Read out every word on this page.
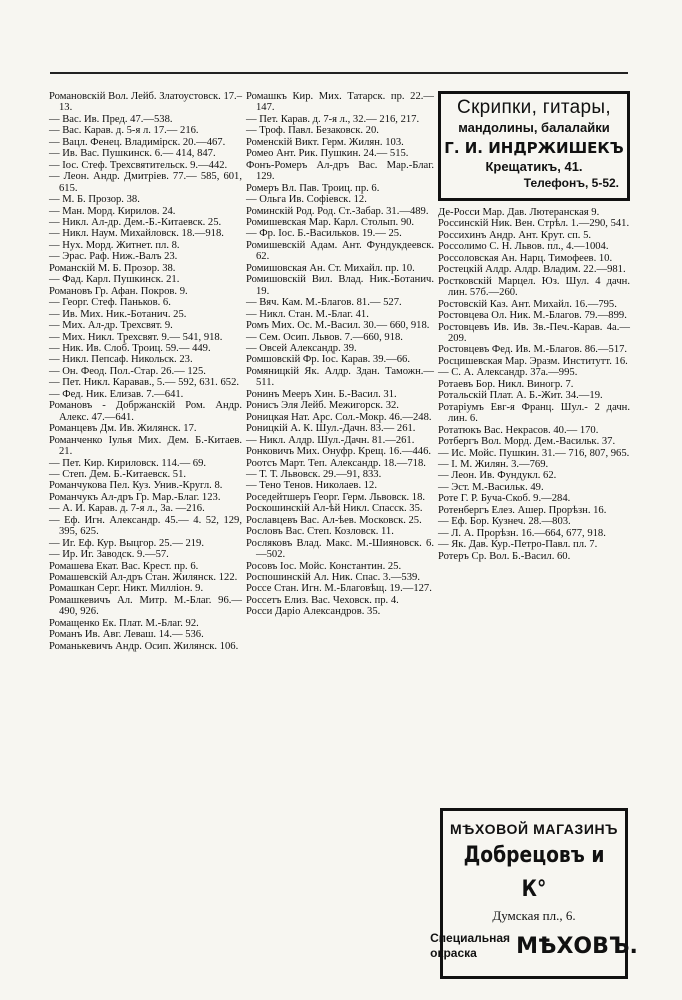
Романовскій Вол. Лейб. Златоустовск. 17.–13.

— Вас. Ив. Пред. 47.—538.

— Вас. Карав. д. 5-я л. 17.— 216.

— Вацл. Фенец. Владимірск. 20.—467.

— Ив. Вас. Пушкинск. 6.— 414, 847.

— Іос. Стеф. Трехсвятительск. 9.—442.

— Леон. Андр. Дмитріев. 77.— 585, 601, 615.

— М. Б. Прозор. 38.

— Ман. Морд. Кирилов. 24.

— Никл. Ал-др. Дем.-Б.-Китаевск. 25.

— Никл. Наум. Михайловск. 18.—918.

— Нух. Морд. Житнет. пл. 8.

— Эрас. Раф. Ниж.-Валъ 23.

Романскій М. Б. Прозор. 38.

— Фад. Карл. Пушкинск. 21.

Романовъ Гр. Афан. Покров. 9.

— Георг. Стеф. Паньков. 6.

— Ив. Мих. Ник.-Ботанич. 25.

— Мих. Ал-др. Трехсвят. 9.

— Мих. Никл. Трехсвят. 9.— 541, 918.

— Ник. Ив. Слоб. Троиц. 59.— 449.

— Никл. Пепсаф. Никольск. 23.

— Он. Феод. Пол.-Стар. 26.— 125.

— Пет. Никл. Каравав., 5.— 592, 631. 652.

— Фед. Ник. Елизав. 7.—641.

Романовъ - Добржанскій Ром. Андр. Алекс. 47.—641.

Романцевъ Дм. Ив. Жилянск. 17.

Романченко Іулья Мих. Дем. Б.-Китаев. 21.

— Пет. Кир. Кириловск. 114.— 69.

— Степ. Дем. Б.-Китаевск. 51.

Романчукова Пел. Куз. Унив.-Кругл. 8.

Романчукъ Ал-дръ Гр. Мар.-Благ. 123.

— А. И. Карав. д. 7-я л., 3а. —216.

— Еф. Игн. Александр. 45.— 4. 52, 129, 395, 625.

— Иг. Еф. Кур. Выцгор. 25.— 219.

— Ир. Иг. Заводск. 9.—57.

Ромашева Екат. Вас. Крест. пр. 6.

Ромашевскій Ал-дръ Стан. Жилянск. 122.

Ромашкан Серг. Никт. Милліон. 9.

Ромашкевичъ Ал. Митр. М.-Благ. 96.—490, 926.

Ромащенко Ек. Плат. М.-Благ. 92.

Романъ Ив. Авг. Леваш. 14.— 536.

Романькевичъ Андр. Осип. Жилянск. 106.

Ромашкъ Кир. Мих. Татарск. пр. 22.—147.

— Пет. Карав. д. 7-я л., 32.— 216, 217.

— Троф. Павл. Безаковск. 20.

Роменскій Викт. Герм. Жилян. 103.

Ромео Ант. Рик. Пушкин. 24.— 515.

Фонъ-Ромеръ Ал-дръ Вас. Мар.-Благ. 129.

Ромеръ Вл. Пав. Троиц. пр. 6.

— Ольга Ив. Софіевск. 12.

Роминскій Род. Род. Ст.-Забар. 31.—489.

Ромишевская Мар. Карл. Столып. 90.

— Фр. Іос. Б.-Васильков. 19.— 25.

Ромишевскій Адам. Ант. Фундукдеевск. 62.

Ромишовская Ан. Ст. Михайл. пр. 10.

Ромишовскій Вил. Влад. Ник.-Ботанич. 19.

— Вяч. Кам. М.-Благов. 81.— 527.

— Никл. Стан. М.-Благ. 41.

Ромъ Мих. Ос. М.-Васил. 30.— 660, 918.

— Сем. Осип. Львов. 7.—660, 918.

— Овсей Александр. 39.

Ромшовскій Фр. Іос. Карав. 39.—66.

Ромяницкій Як. Алдр. Здан. Таможн.—511.

Ронинъ Мееръ Хин. Б.-Васил. 31.

Ронисъ Эля Лейб. Межигорск. 32.

Роницкая Нат. Арс. Сол.-Мокр. 46.—248.

Роницкій А. К. Шул.-Дачн. 83.— 261.

— Никл. Алдр. Шул.-Дачн. 81.—261.

Ронковичъ Мих. Онуфр. Крещ. 16.—446.

Роотсъ Март. Теп. Александр. 18.—718.

— Т. Т. Львовск. 29.—91, 833.

— Тено Тенов. Николаев. 12.

Роседейтшеръ Георг. Герм. Львовск. 18.

Роскошинскій Ал-ѣй Никл. Спасск. 35.

Рославцевъ Вас. Ал-ѣев. Московск. 25.

Рословъ Вас. Степ. Козловск. 11.

Росляковъ Влад. Макс. М.-Шияновск. 6.—502.

Росовъ Іос. Мойс. Константин. 25.

Роспошинскій Ал. Ник. Спас. 3.—539.

Россе Стан. Игн. М.-Благовѣщ. 19.—127.

Россетъ Елиз. Вас. Чеховск. пр. 4.

Росси Даріо Александров. 35.

Скрипки, гитары,
мандолины, балалайки
Г. И. ИНДРЖИШЕКЪ
Крещатикъ, 41.
Телефонъ, 5-52.

Де-Росси Мар. Дав. Лютеранская 9.

Россинскій Ник. Вен. Стрѣл. 1.—290, 541.

Россихинъ Андр. Ант. Крут. сп. 5.

Россолимо С. Н. Львов. пл., 4.—1004.

Россоловская Ан. Нарц. Тимофеев. 10.

Ростецкій Алдр. Алдр. Владим. 22.—981.

Ростковскій Марцел. Юз. Шул. 4 дачн. лин. 57б.—260.

Ростовскій Каз. Ант. Михайл. 16.—795.

Ростовцева Ол. Ник. М.-Благов. 79.—899.

Ростовцевъ Ив. Ив. Зв.-Печ.-Карав. 4а.—209.

Ростовцевъ Фед. Ив. М.-Благов. 86.—517.

Росцишевская Мар. Эразм. Институтт. 16.

— С. А. Александр. 37а.—995.

Ротаевъ Бор. Никл. Виногр. 7.

Ротальскій Плат. А. Б.-Жит. 34.—19.

Ротаріумъ Евг-я Франц. Шул.- 2 дачн. лин. 6.

Ротатюкъ Вас. Некрасов. 40.— 170.

Ротбергъ Вол. Морд. Дем.-Васильк. 37.

— Ис. Мойс. Пушкин. 31.— 716, 807, 965.

— І. М. Жилян. 3.—769.

— Леон. Ив. Фундукл. 62.

— Эст. М.-Васильк. 49.

Роте Г. Р. Буча-Скоб. 9.—284.

Ротенбергъ Елез. Ашер. Прорѣзн. 16.

— Еф. Бор. Кузнеч. 28.—803.

— Л. А. Прорѣзн. 16.—664, 677, 918.

— Як. Дав. Кур.-Петро-Павл. пл. 7.

Ротеръ Ср. Вол. Б.-Васил. 60.

МѢХОВОЙ МАГАЗИНЪ
Добрецовъ и К°
Думская пл., 6.
Специальная
окраска	МѢХОВЪ.
